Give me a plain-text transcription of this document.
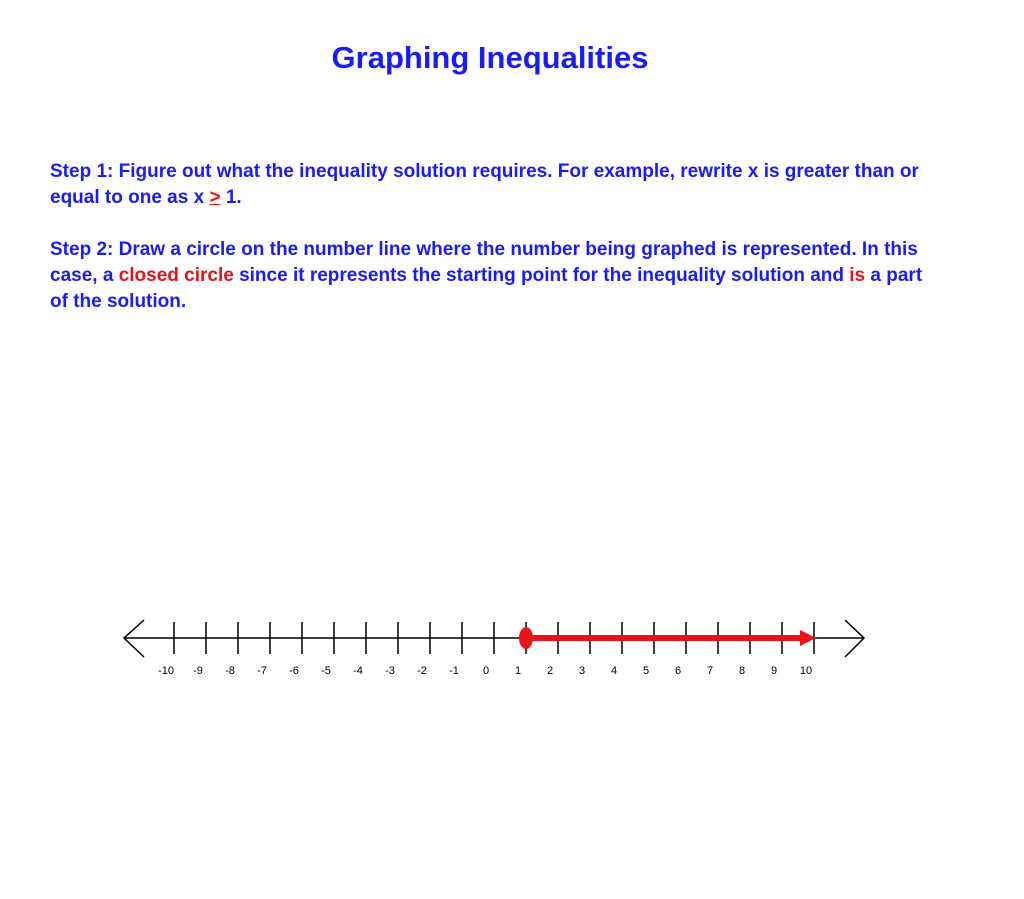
Graphing Inequalities

Step 1: Figure out what the inequality solution requires. For example, rewrite x is greater than or equal to one as x ≥ 1.

Step 2: Draw a circle on the number line where the number being graphed is represented. In this case, a closed circle since it represents the starting point for the inequality solution and is a part of the solution.

-10 -9 -8 -7 -6 -5 -4 -3 -2 -1 0 1 2 3 4 5 6 7 8 9 10
